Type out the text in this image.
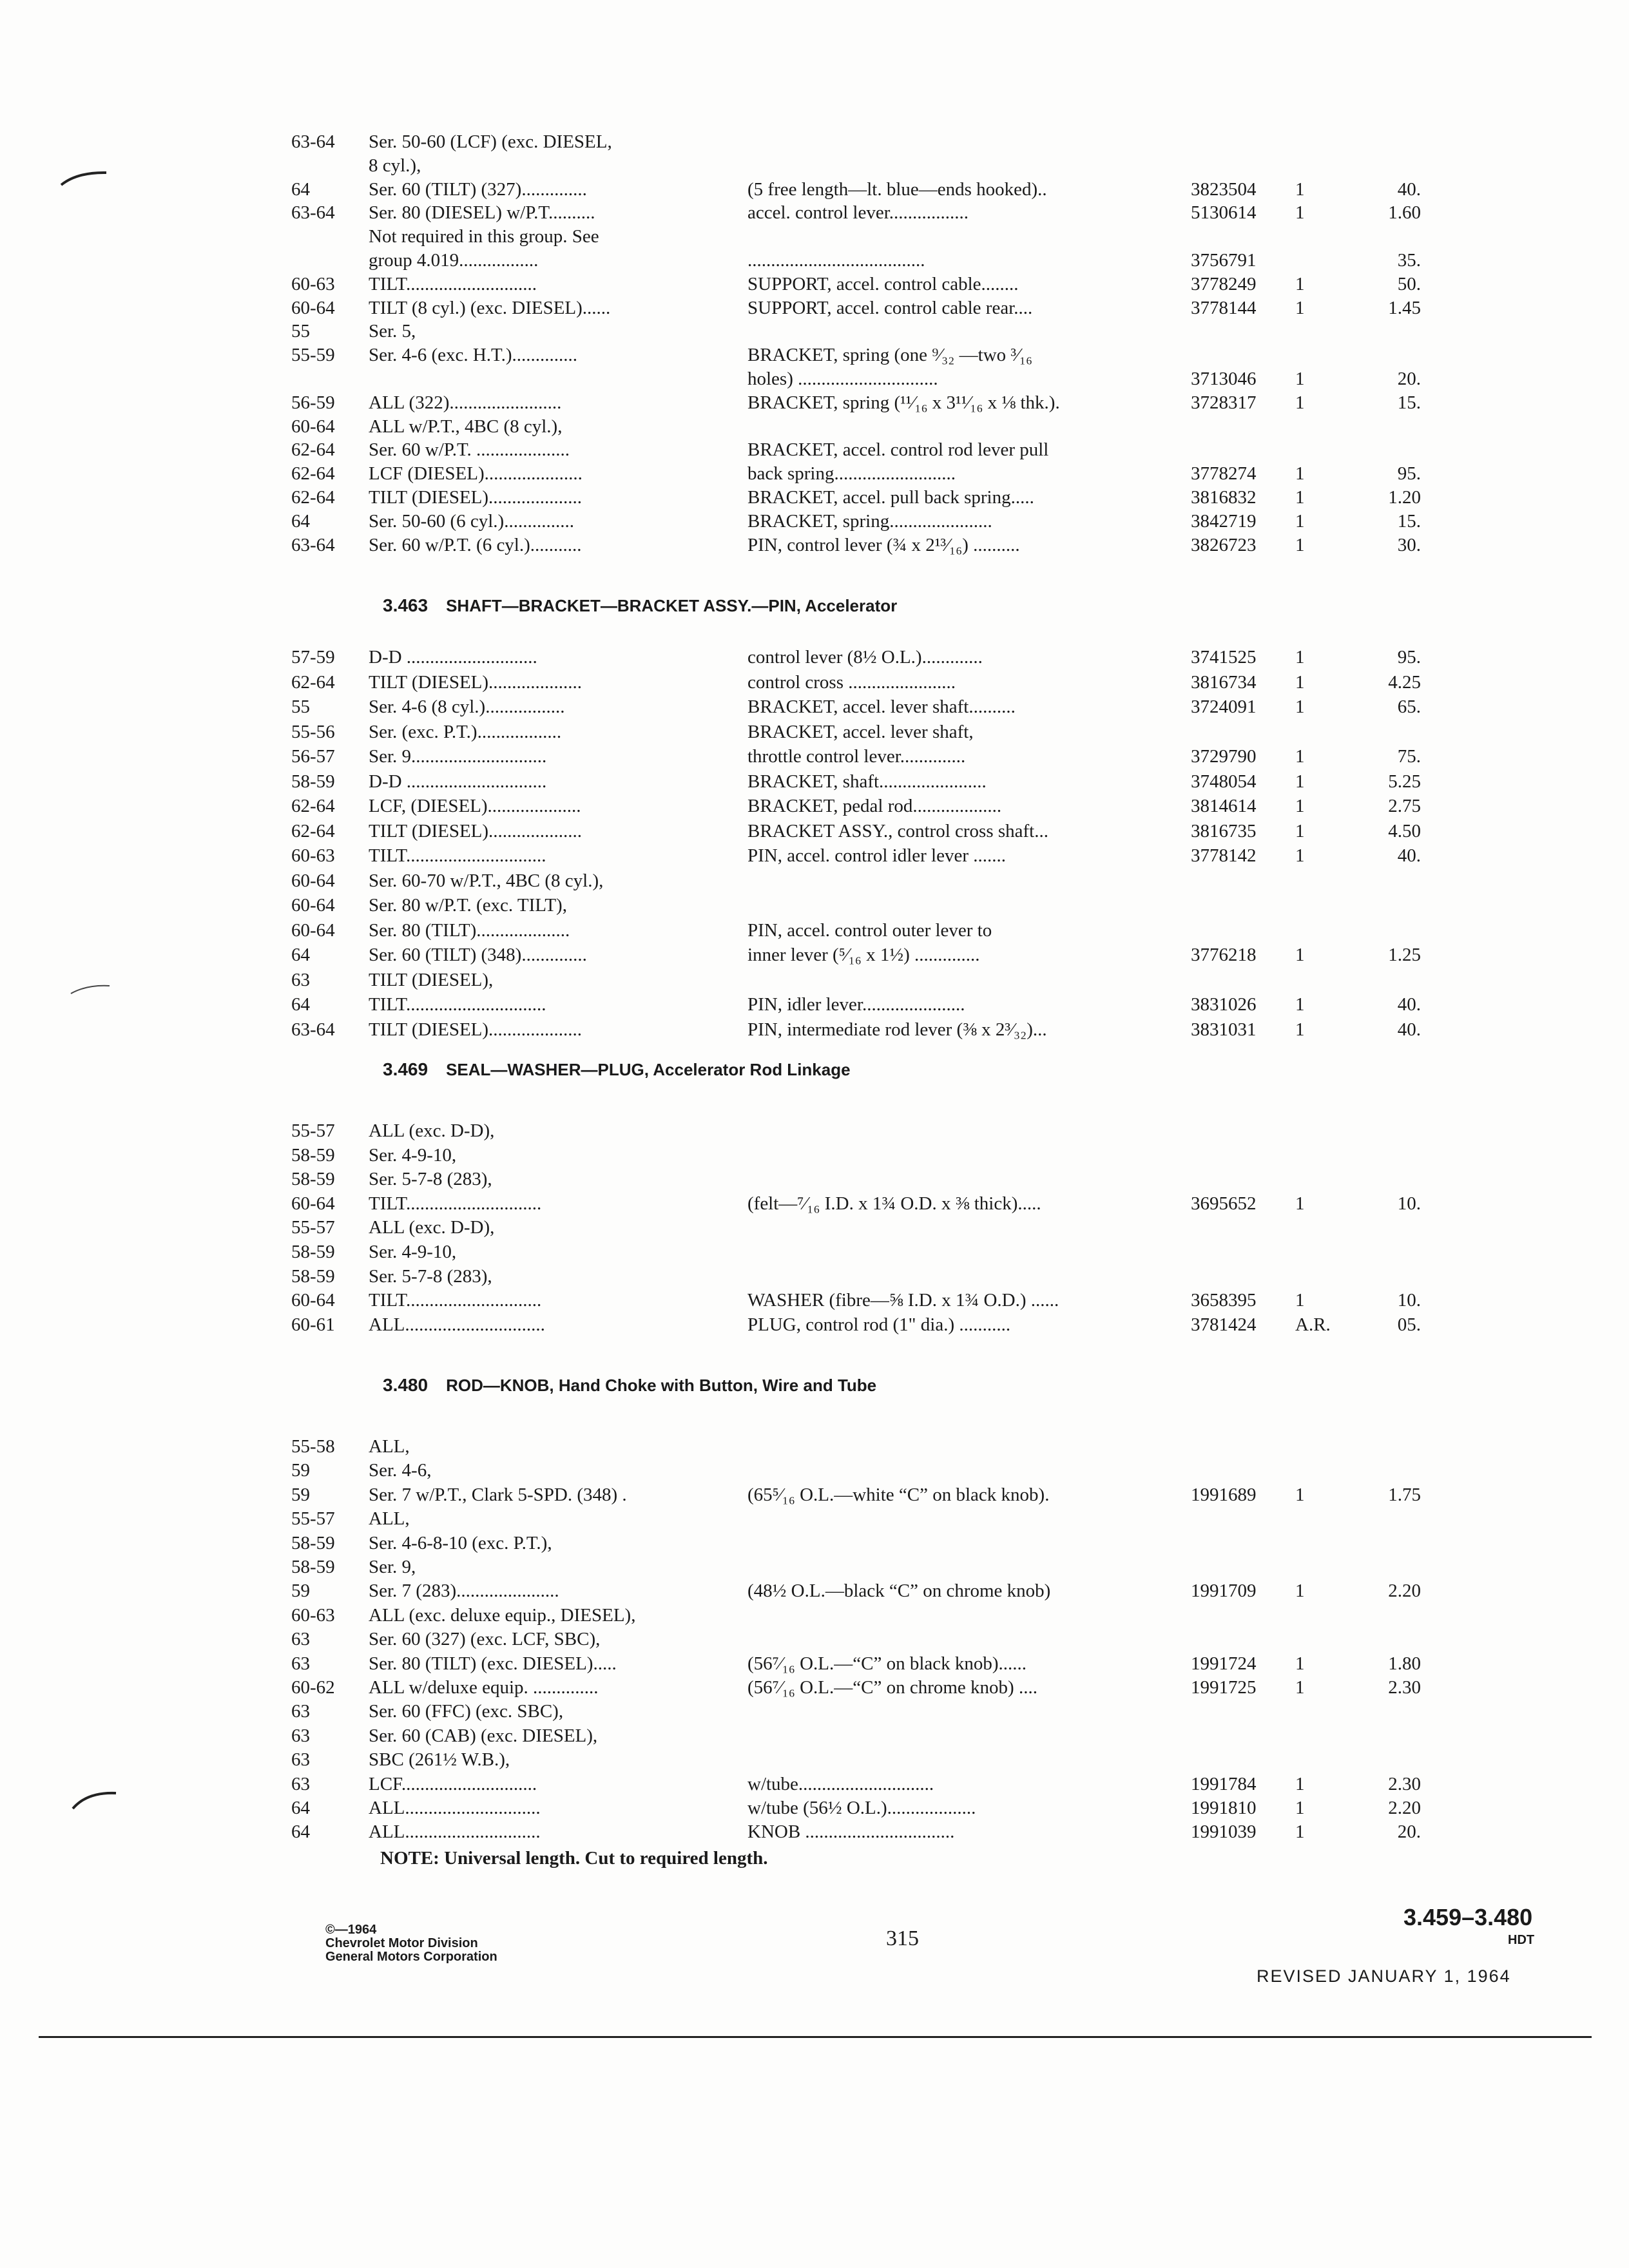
63-64 Ser. 50-60 (LCF) (exc. DIESEL,
8 cyl.),
64	Ser. 60 (TILT) (327)..............	(5 free length—lt. blue—ends hooked)..	3823504 1	.40
63-64 Ser. 80 (DIESEL) w/P.T..........	accel. control lever.................	5130614 1	1.60
Not required in this group. See
group 4.019.................	......................................	3756791	.35
60-63 TILT............................	SUPPORT, accel. control cable........	3778249 1	.50
60-64 TILT (8 cyl.) (exc. DIESEL)......	SUPPORT, accel. control cable rear....	3778144 1	1.45
55	Ser. 5,
55-59 Ser. 4-6 (exc. H.T.)..............	BRACKET, spring (one ⁹⁄₃₂ —two ³⁄₁₆
holes) ..............................	3713046 1	.20
56-59 ALL (322)........................	BRACKET, spring (¹¹⁄₁₆ x 3¹¹⁄₁₆ x ⅛ thk.).	3728317 1	.15
60-64 ALL w/P.T., 4BC (8 cyl.),
62-64 Ser. 60 w/P.T. ....................	BRACKET, accel. control rod lever pull
62-64 LCF (DIESEL).....................	back spring..........................	3778274 1	.95
62-64 TILT (DIESEL)....................	BRACKET, accel. pull back spring.....	3816832 1	1.20
64	Ser. 50-60 (6 cyl.)...............	BRACKET, spring......................	3842719 1	.15
63-64 Ser. 60 w/P.T. (6 cyl.)...........	PIN, control lever (¾ x 2¹³⁄₁₆) ..........	3826723 1	.30
3.463  SHAFT—BRACKET—BRACKET ASSY.—PIN, Accelerator
57-59 D-D ............................	control lever (8½ O.L.).............	3741525 1	.95
62-64 TILT (DIESEL)....................	control cross .......................	3816734 1	4.25
55	Ser. 4-6 (8 cyl.).................	BRACKET, accel. lever shaft..........	3724091 1	.65
55-56 Ser. (exc. P.T.)..................	BRACKET, accel. lever shaft,
56-57 Ser. 9.............................	throttle control lever..............	3729790 1	.75
58-59 D-D ..............................	BRACKET, shaft.......................	3748054 1	5.25
62-64 LCF, (DIESEL)....................	BRACKET, pedal rod...................	3814614 1	2.75
62-64 TILT (DIESEL)....................	BRACKET ASSY., control cross shaft...	3816735 1	4.50
60-63 TILT..............................	PIN, accel. control idler lever .......	3778142 1	.40
60-64 Ser. 60-70 w/P.T., 4BC (8 cyl.),
60-64 Ser. 80 w/P.T. (exc. TILT),
60-64 Ser. 80 (TILT)....................	PIN, accel. control outer lever to
64	Ser. 60 (TILT) (348)..............	inner lever (⁵⁄₁₆ x 1½) ..............	3776218 1	1.25
63	TILT (DIESEL),
64	TILT..............................	PIN, idler lever......................	3831026 1	.40
63-64 TILT (DIESEL)....................	PIN, intermediate rod lever (⅜ x 2³⁄₃₂)...	3831031 1	.40
3.469  SEAL—WASHER—PLUG, Accelerator Rod Linkage
55-57 ALL (exc. D-D),
58-59 Ser. 4-9-10,
58-59 Ser. 5-7-8 (283),
60-64 TILT.............................	(felt—⁷⁄₁₆ I.D. x 1¾ O.D. x ⅜ thick).....	3695652 1	.10
55-57 ALL (exc. D-D),
58-59 Ser. 4-9-10,
58-59 Ser. 5-7-8 (283),
60-64 TILT.............................	WASHER (fibre—⅝ I.D. x 1¾ O.D.) ......	3658395 1	.10
60-61 ALL..............................	PLUG, control rod (1" dia.) ...........	3781424 A.R.	.05
3.480  ROD—KNOB, Hand Choke with Button, Wire and Tube
55-58 ALL,
59	Ser. 4-6,
59	Ser. 7 w/P.T., Clark 5-SPD. (348) .	(65⁵⁄₁₆ O.L.—white “C” on black knob).	1991689 1	1.75
55-57 ALL,
58-59 Ser. 4-6-8-10 (exc. P.T.),
58-59 Ser. 9,
59	Ser. 7 (283)......................	(48½ O.L.—black “C” on chrome knob)	1991709 1	2.20
60-63 ALL (exc. deluxe equip., DIESEL),
63	Ser. 60 (327) (exc. LCF, SBC),
63	Ser. 80 (TILT) (exc. DIESEL).....	(56⁷⁄₁₆ O.L.—“C” on black knob)......	1991724 1	1.80
60-62 ALL w/deluxe equip. ..............	(56⁷⁄₁₆ O.L.—“C” on chrome knob) ....	1991725 1	2.30
63	Ser. 60 (FFC) (exc. SBC),
63	Ser. 60 (CAB) (exc. DIESEL),
63	SBC (261½ W.B.),
63	LCF.............................	w/tube.............................	1991784 1	2.30
64	ALL.............................	w/tube (56½ O.L.)...................	1991810 1	2.20
64	ALL.............................	KNOB ................................	1991039 1	.20
NOTE: Universal length. Cut to required length.
©—1964
Chevrolet Motor Division
General Motors Corporation
315
3.459–3.480
HDT
REVISED JANUARY 1, 1964
